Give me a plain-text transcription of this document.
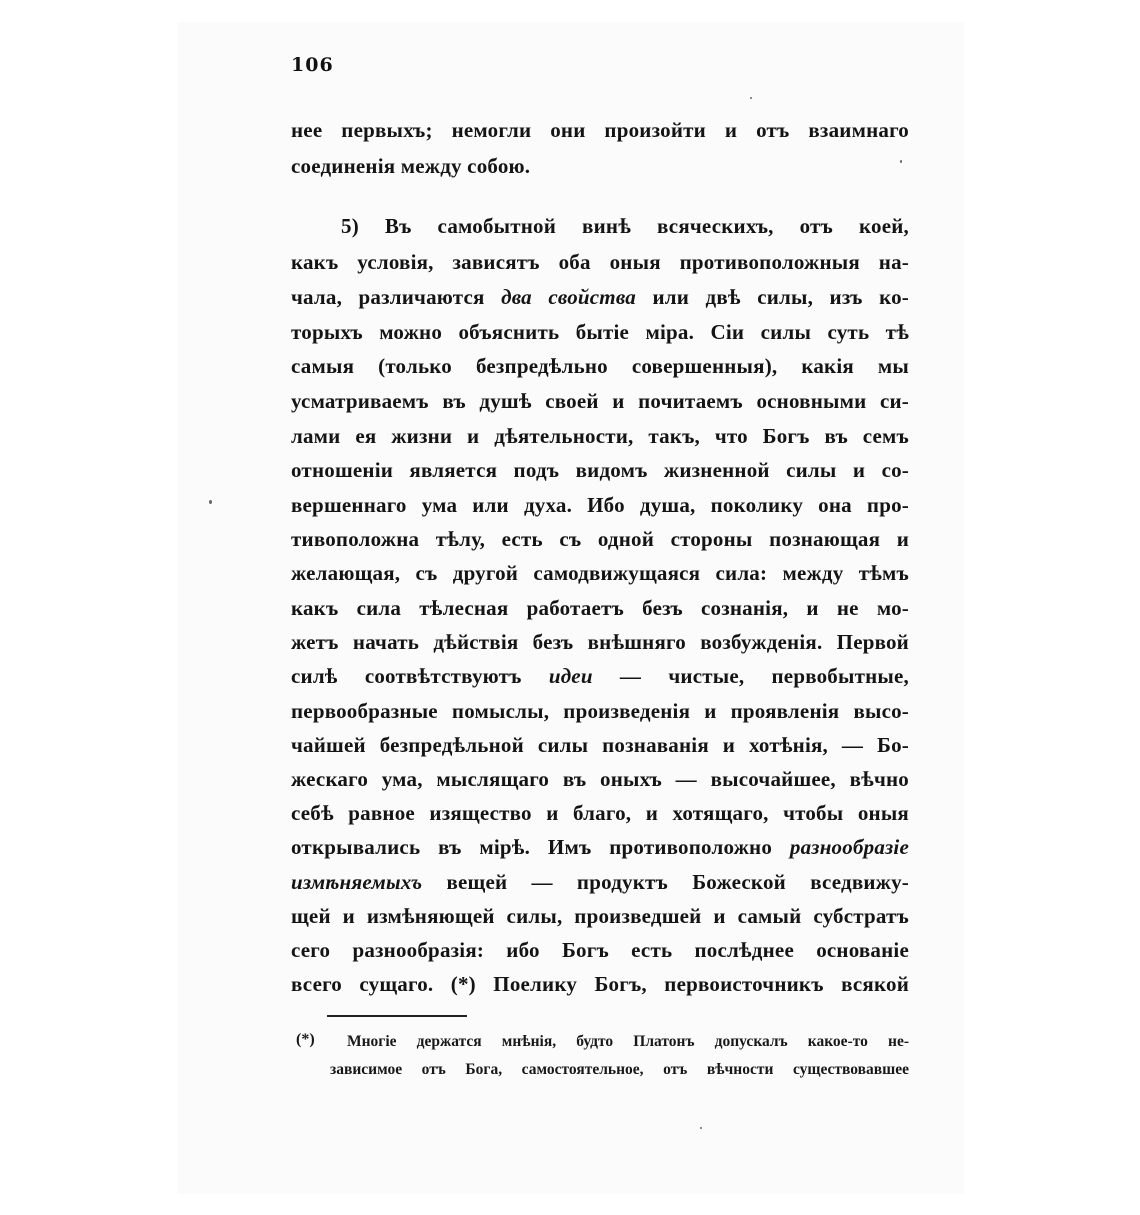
106
нее первыхъ; немогли они произойти и отъ взаимнаго
соединенія между собою.
5) Въ самобытной винѣ всяческихъ, отъ коей,
какъ условія, зависятъ оба оныя противоположныя на-
чала, различаются два свойства или двѣ силы, изъ ко-
торыхъ можно объяснить бытіе міра. Сіи силы суть тѣ
самыя (только безпредѣльно совершенныя), какія мы
усматриваемъ въ душѣ своей и почитаемъ основными си-
лами ея жизни и дѣятельности, такъ, что Богъ въ семъ
отношеніи является подъ видомъ жизненной силы и со-
вершеннаго ума или духа. Ибо душа, поколику она про-
тивоположна тѣлу, есть съ одной стороны познающая и
желающая, съ другой самодвижущаяся сила: между тѣмъ
какъ сила тѣлесная работаетъ безъ сознанія, и не мо-
жетъ начать дѣйствія безъ внѣшняго возбужденія. Первой
силѣ соотвѣтствуютъ идеи — чистые, первобытные,
первообразные помыслы, произведенія и проявленія высо-
чайшей безпредѣльной силы познаванія и хотѣнія, — Бо-
жескаго ума, мыслящаго въ оныхъ — высочайшее, вѣчно
себѣ равное изящество и благо, и хотящаго, чтобы оныя
открывались въ мірѣ. Имъ противоположно разнообразіе
измѣняемыхъ вещей — продуктъ Божеской вседвижу-
щей и измѣняющей силы, произведшей и самый субстратъ
сего разнообразія: ибо Богъ есть послѣднее основаніе
всего сущаго. (*) Поелику Богъ, первоисточникъ всякой
(*) Многіе держатся мнѣнія, будто Платонъ допускалъ какое-то не-
зависимое отъ Бога, самостоятельное, отъ вѣчности существовавшее
